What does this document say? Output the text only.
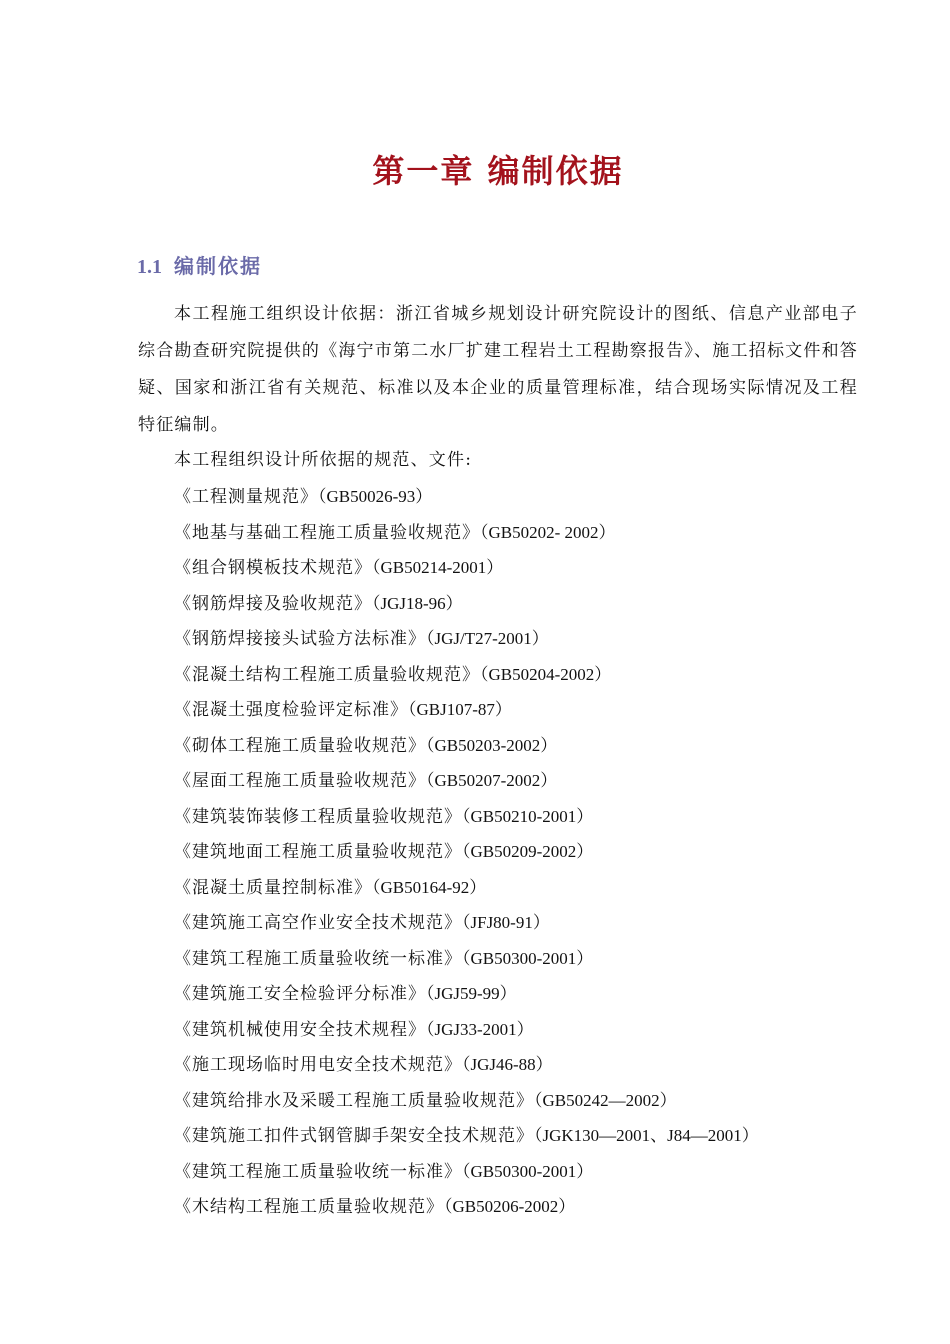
第一章 编制依据
1.1 编制依据
本工程施工组织设计依据：浙江省城乡规划设计研究院设计的图纸、信息产业部电子综合勘查研究院提供的《海宁市第二水厂扩建工程岩土工程勘察报告》、施工招标文件和答疑、国家和浙江省有关规范、标准以及本企业的质量管理标准，结合现场实际情况及工程特征编制。
本工程组织设计所依据的规范、文件:
《工程测量规范》（GB50026-93）
《地基与基础工程施工质量验收规范》（GB50202- 2002）
《组合钢模板技术规范》（GB50214-2001）
《钢筋焊接及验收规范》（JGJ18-96）
《钢筋焊接接头试验方法标准》（JGJ/T27-2001）
《混凝土结构工程施工质量验收规范》（GB50204-2002）
《混凝土强度检验评定标准》（GBJ107-87）
《砌体工程施工质量验收规范》（GB50203-2002）
《屋面工程施工质量验收规范》（GB50207-2002）
《建筑装饰装修工程质量验收规范》（GB50210-2001）
《建筑地面工程施工质量验收规范》（GB50209-2002）
《混凝土质量控制标准》（GB50164-92）
《建筑施工高空作业安全技术规范》（JFJ80-91）
《建筑工程施工质量验收统一标准》（GB50300-2001）
《建筑施工安全检验评分标准》（JGJ59-99）
《建筑机械使用安全技术规程》（JGJ33-2001）
《施工现场临时用电安全技术规范》（JGJ46-88）
《建筑给排水及采暖工程施工质量验收规范》（GB50242—2002）
《建筑施工扣件式钢管脚手架安全技术规范》（JGK130—2001、J84—2001）
《建筑工程施工质量验收统一标准》（GB50300-2001）
《木结构工程施工质量验收规范》（GB50206-2002）
